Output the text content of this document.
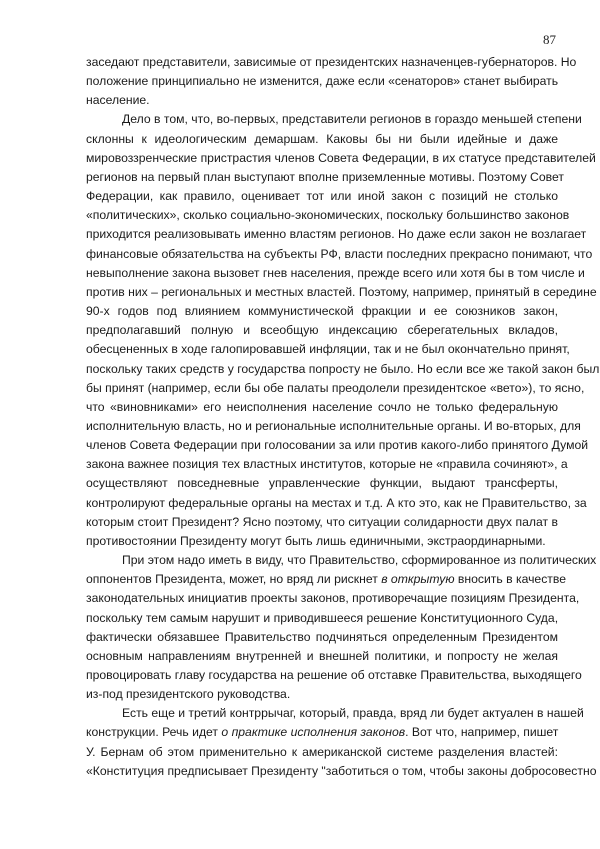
87
заседают представители, зависимые от президентских назначенцев-губернаторов. Но
положение принципиально не изменится, даже если «сенаторов» станет выбирать
население.
Дело в том, что, во-первых, представители регионов в гораздо меньшей степени
склонны к идеологическим демаршам. Каковы бы ни были идейные и даже
мировоззренческие пристрастия членов Совета Федерации, в их статусе представителей
регионов на первый план выступают вполне приземленные мотивы. Поэтому Совет
Федерации, как правило, оценивает тот или иной закон с позиций не столько
«политических», сколько социально-экономических, поскольку большинство законов
приходится реализовывать именно властям регионов. Но даже если закон не возлагает
финансовые обязательства на субъекты РФ, власти последних прекрасно понимают, что
невыполнение закона вызовет гнев населения, прежде всего или хотя бы в том числе и
против них – региональных и местных властей. Поэтому, например, принятый в середине
90-х годов под влиянием коммунистической фракции и ее союзников закон,
предполагавший полную и всеобщую индексацию сберегательных вкладов,
обесцененных в ходе галопировавшей инфляции, так и не был окончательно принят,
поскольку таких средств у государства попросту не было. Но если все же такой закон был
бы принят (например, если бы обе палаты преодолели президентское «вето»), то ясно,
что «виновниками» его неисполнения население сочло не только федеральную
исполнительную власть, но и региональные исполнительные органы. И во-вторых, для
членов Совета Федерации при голосовании за или против какого-либо принятого Думой
закона важнее позиция тех властных институтов, которые не «правила сочиняют», а
осуществляют повседневные управленческие функции, выдают трансферты,
контролируют федеральные органы на местах и т.д. А кто это, как не Правительство, за
которым стоит Президент? Ясно поэтому, что ситуации солидарности двух палат в
противостоянии Президенту могут быть лишь единичными, экстраординарными.
При этом надо иметь в виду, что Правительство, сформированное из политических
оппонентов Президента, может, но вряд ли рискнет в открытую вносить в качестве
законодательных инициатив проекты законов, противоречащие позициям Президента,
поскольку тем самым нарушит и приводившееся решение Конституционного Суда,
фактически обязавшее Правительство подчиняться определенным Президентом
основным направлениям внутренней и внешней политики, и попросту не желая
провоцировать главу государства на решение об отставке Правительства, выходящего
из-под президентского руководства.
Есть еще и третий контррычаг, который, правда, вряд ли будет актуален в нашей
конструкции. Речь идет о практике исполнения законов. Вот что, например, пишет
У. Бернам об этом применительно к американской системе разделения властей:
«Конституция предписывает Президенту "заботиться о том, чтобы законы добросовестно
